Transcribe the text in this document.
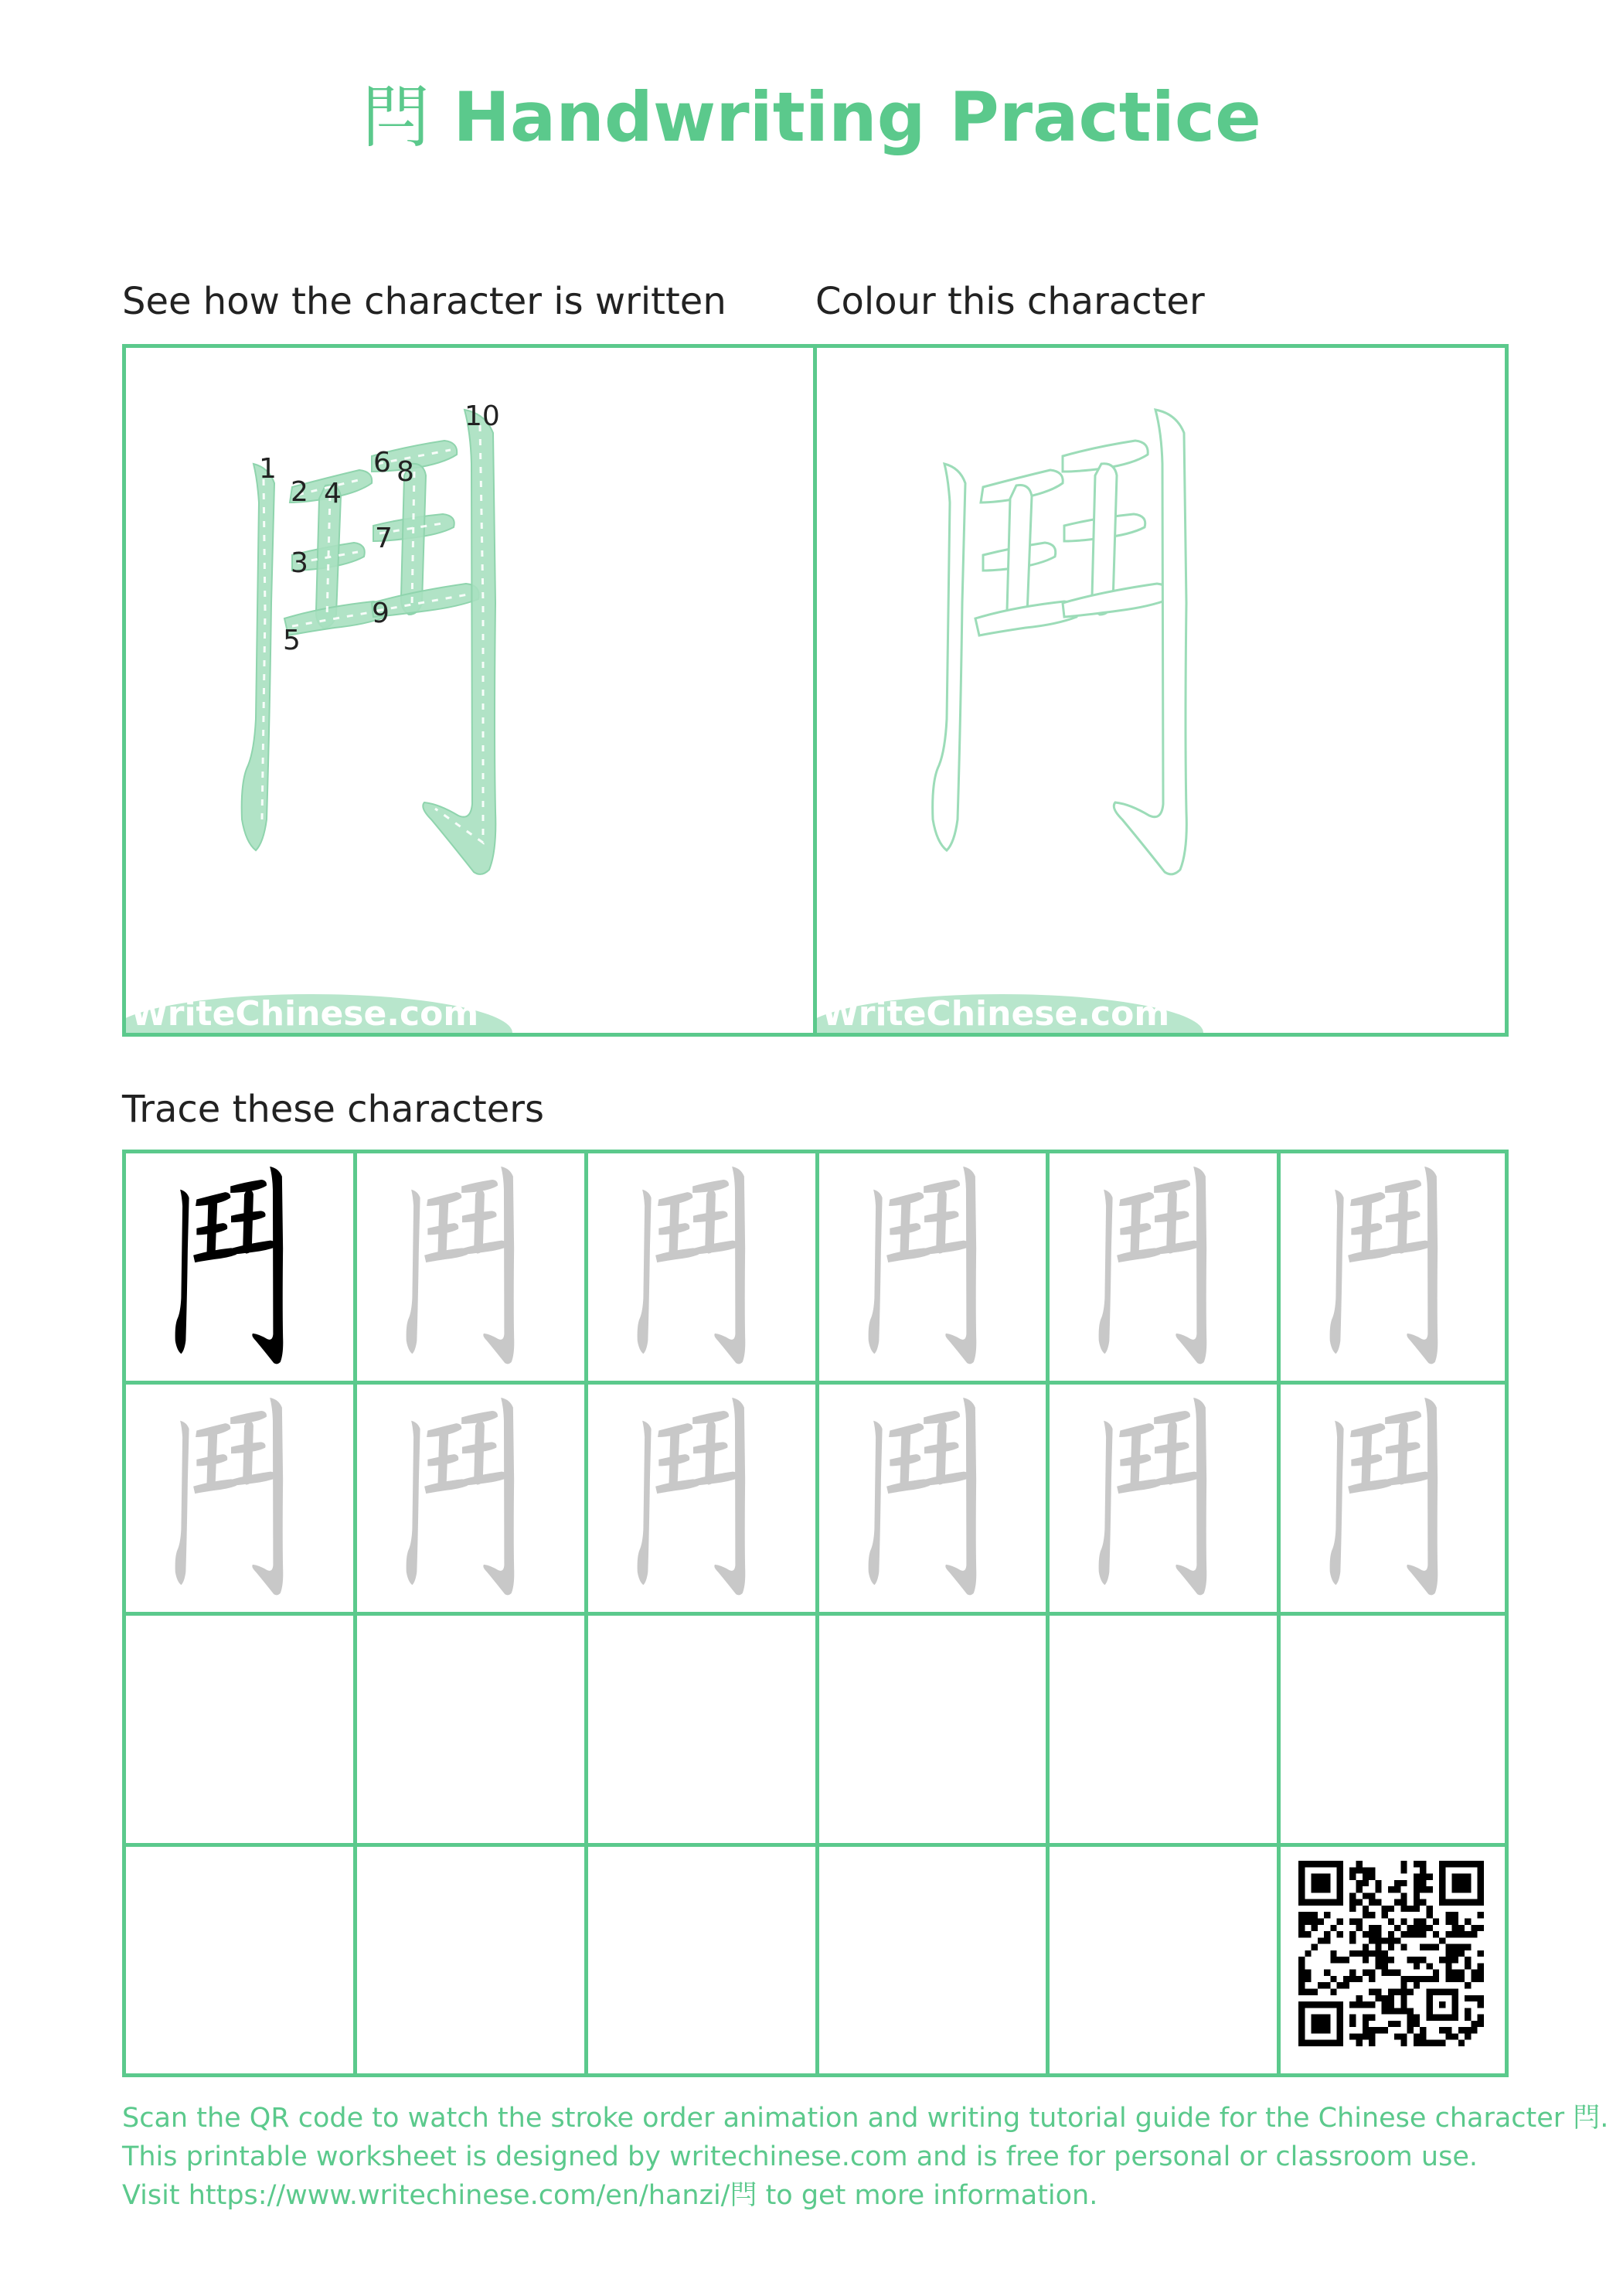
閂 Handwriting Practice
See how the character is written Colour this character
1
2
3
4
5
6
7
8
9
10
WriteChinese.com	WriteChinese.com
Trace these characters
Scan the QR code to watch the stroke order animation and writing tutorial guide for the Chinese character 閂.
This printable worksheet is designed by writechinese.com and is free for personal or classroom use.
Visit https://www.writechinese.com/en/hanzi/閂 to get more information.
